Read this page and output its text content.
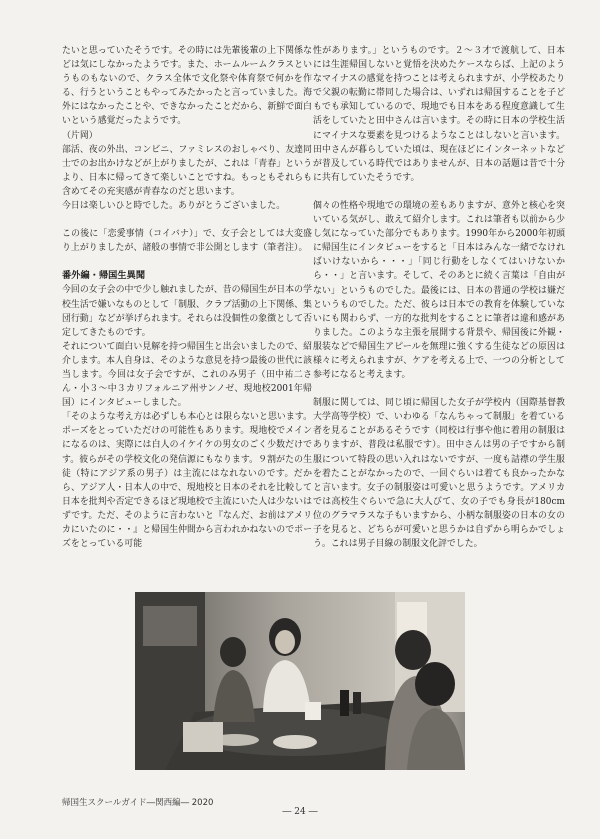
たいと思っていたそうです。その時には先輩後輩の上下関係などは気にしなかったようです。また、ホームルームクラスというものもないので、クラス全体で文化祭や体育祭で何かを作る、行うということもやってみたかったと言っていました。海外にはなかったことや、できなかったことだから、新鮮で面白いという感覚だったようです。

（片岡）

部活、夜の外出、コンビニ、ファミレスのおしゃべり、友達同士でのお出かけなどが上がりましたが、これは「青春」というより、日本に帰ってきて楽しいことですね。もっともそれらも含めてその充実感が青春なのだと思います。

今日は楽しいひと時でした。ありがとうございました。

この後に「恋愛事情（コイバナ）」で、女子会としては大変盛り上がりましたが、諸般の事情で非公開とします（筆者注）。

番外編・帰国生異聞

今回の女子会の中で少し触れましたが、昔の帰国生が日本の学校生活で嫌いなものとして「制服、クラブ活動の上下関係、集団行動」などが挙げられます。それらは没個性の象徴として否定してきたものです。

それについて面白い見解を持つ帰国生と出会いましたので、紹介します。本人自身は、そのような意見を持つ最後の世代に該当します。今回は女子会ですが、これのみ男子（田中祐二さん・小３～中３カリフォルニア州サンノゼ、現地校2001年帰国）にインタビューしました。

「そのような考え方は必ずしも本心とは限らないと思います。ポーズをとっていただけの可能性もあります。現地校でメインになるのは、実際には白人のイケイケの男女のごく少数だけです。彼らがその学校文化の発信源にもなります。９割がたの生徒（特にアジア系の男子）は主流にはなれないのです。だから、アジア人・日本人の中で、現地校と日本のそれを比較して日本を批判や否定できるほど現地校で主流にいた人は少ないはずです。ただ、そのように言わないと『なんだ、お前はアメリカにいたのに・・』と帰国生仲間から言われかねないのでポーズをとっている可能

性があります。」というものです。２～３才で渡航して、日本には生涯帰国しないと覚悟を決めたケースならば、上記のようなマイナスの感覚を持つことは考えられますが、小学校あたりで父親の転勤に帯同した場合は、いずれは帰国することを子どもでも承知しているので、現地でも日本をある程度意識して生活をしていたと田中さんは言います。その時に日本の学校生活にマイナスな要素を見つけるようなことはしないと言います。田中さんが暮らしていた頃は、現在ほどにインターネットなどが普及している時代ではありませんが、日本の話題は昔で十分に共有していたそうです。

個々の性格や現地での環境の差もありますが、意外と核心を突いている気がし、敢えて紹介します。これは筆者も以前から少し気になっていた部分でもあります。1990年から2000年初頭に帰国生にインタビューをすると「日本はみんな一緒でなければいけないから・・・」「同じ行動をしなくてはいけないから・・」と言います。そして、そのあとに続く言葉は「自由がない」というものでした。最後には、日本の普通の学校は嫌だというものでした。ただ、彼らは日本での教育を体験していないにも関わらず、一方的な批判をすることに筆者は違和感がありました。このような主張を展開する背景や、帰国後に外観・服装などで帰国生アピールを無理に強くする生徒などの原因は様々に考えられますが、ケアを考える上で、一つの分析として参考になると考えます。

制服に関しては、同じ頃に帰国した女子が学校内（国際基督教大学高等学校）で、いわゆる「なんちゃって制服」を着ている者を見ることがあるそうです（同校は行事や他に着用の制服はありますが、普段は私服です）。田中さんは男の子ですから制服について特段の思い入れはないですが、一度も詰襟の学生服を着たことがなかったので、一回ぐらいは着ても良かったかなと言います。女子の制服姿は可愛いと思うようです。アメリカでは高校生ぐらいで急に大人びて、女の子でも身長が180cm位のグラマラスな子もいますから、小柄な制服姿の日本の女の子を見ると、どちらが可愛いと思うかは自ずから明らかでしょう。これは男子目線の制服文化評でした。

帰国生スクールガイド―関西編― 2020
― 24 ―
